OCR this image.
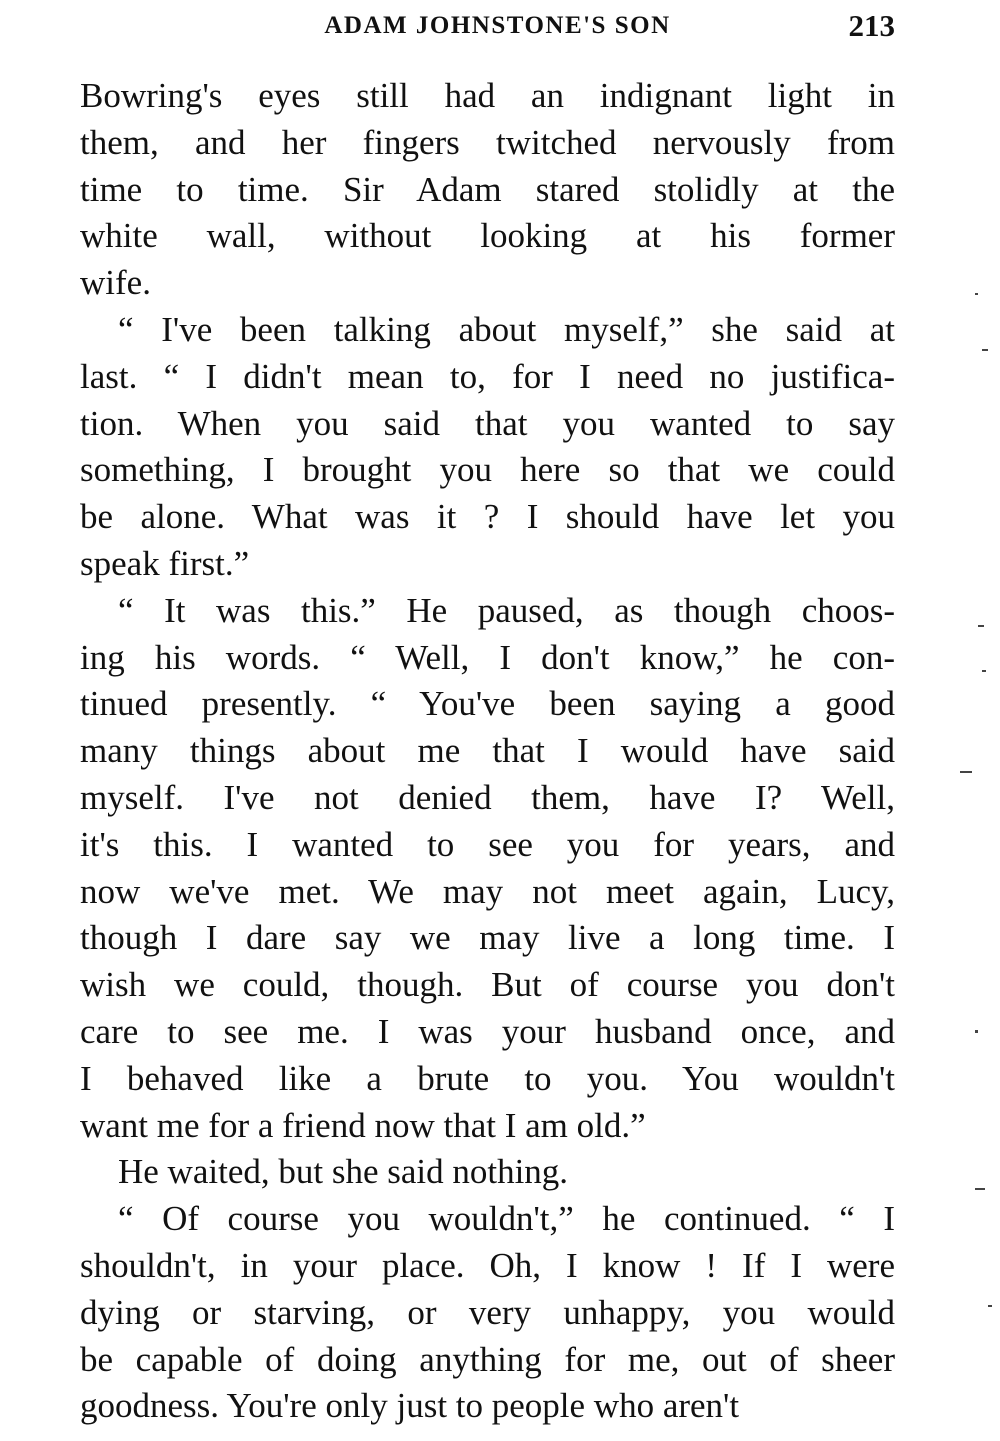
ADAM JOHNSTONE'S SON	213
Bowring's eyes still had an indignant light in
them, and her fingers twitched nervously from
time to time. Sir Adam stared stolidly at the
white wall, without looking at his former
wife.
“ I've been talking about myself,” she said at
last. “ I didn't mean to, for I need no justifica-
tion. When you said that you wanted to say
something, I brought you here so that we could
be alone. What was it ? I should have let you
speak first.”
“ It was this.” He paused, as though choos-
ing his words. “ Well, I don't know,” he con-
tinued presently. “ You've been saying a good
many things about me that I would have said
myself. I've not denied them, have I? Well,
it's this. I wanted to see you for years, and
now we've met. We may not meet again, Lucy,
though I dare say we may live a long time. I
wish we could, though. But of course you don't
care to see me. I was your husband once, and
I behaved like a brute to you. You wouldn't
want me for a friend now that I am old.”
He waited, but she said nothing.
“ Of course you wouldn't,” he continued. “ I
shouldn't, in your place. Oh, I know ! If I were
dying or starving, or very unhappy, you would
be capable of doing anything for me, out of sheer
goodness. You're only just to people who aren't
